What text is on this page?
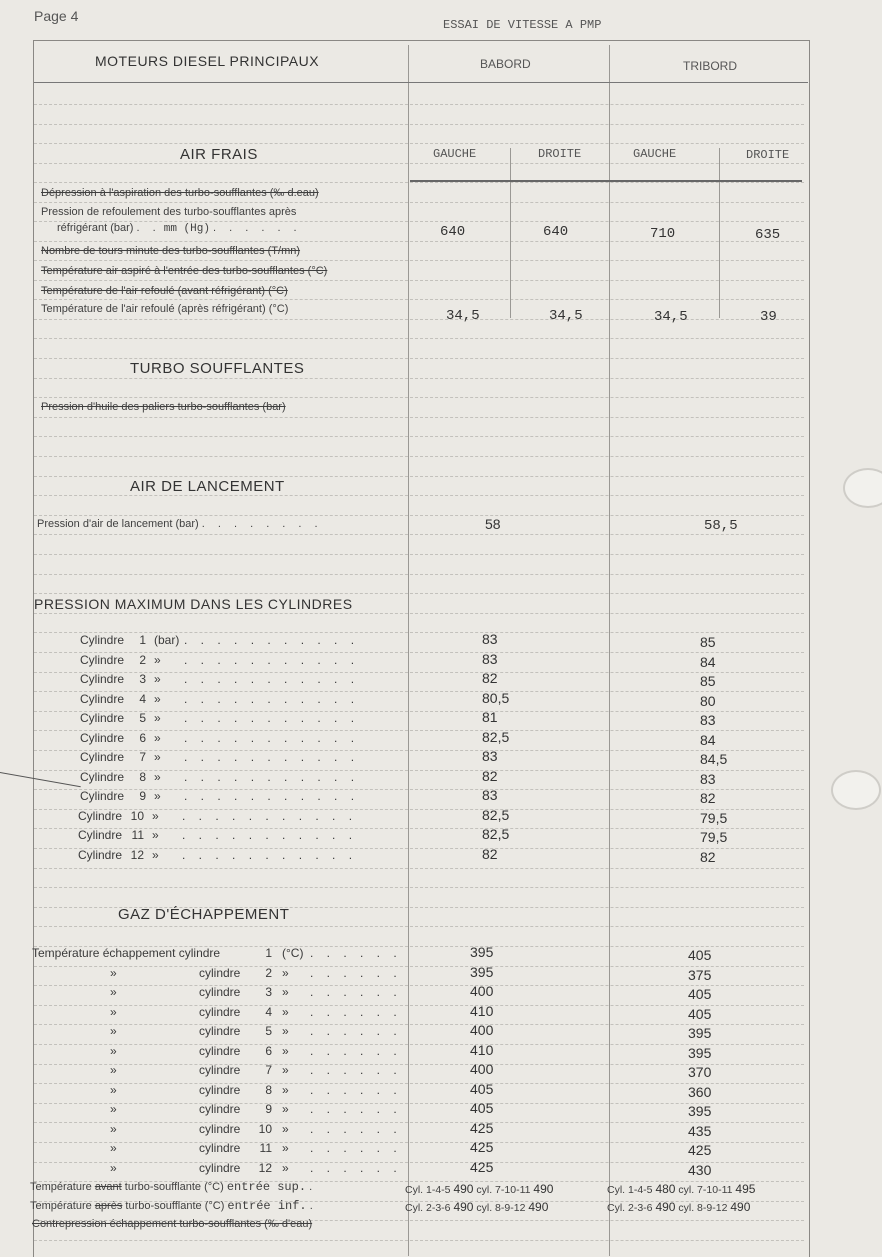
Page 4
ESSAI DE VITESSE A PMP
MOTEURS DIESEL PRINCIPAUX	BABORD	TRIBORD
AIR FRAIS	GAUCHE	DROITE	GAUCHE	DROITE
Dépression à l'aspiration des turbo-soufflantes (‰ d.eau)
Pression de refoulement des turbo-soufflantes après
réfrigérant (bar) . . mm (Hg) . . . . . .	640	640	710	635
Nombre de tours minute des turbo-soufflantes (T/mn)
Température air aspiré à l'entrée des turbo-soufflantes (°C)
Température de l'air refoulé (avant réfrigérant) (°C)
Température de l'air refoulé (après réfrigérant) (°C)	34,5	34,5	34,5	39
TURBO SOUFFLANTES
Pression d'huile des paliers turbo-soufflantes (bar)
AIR DE LANCEMENT
Pression d'air de lancement (bar) . . . . . . . .	58	58,5
PRESSION MAXIMUM DANS LES CYLINDRES
Cylindre 1 (bar) . . . . . . . . . . .	83	85
Cylindre 2 » . . . . . . . . . . .	83	84
Cylindre 3 » . . . . . . . . . . .	82	85
Cylindre 4 » . . . . . . . . . . .	80,5	80
Cylindre 5 » . . . . . . . . . . .	81	83
Cylindre 6 » . . . . . . . . . . .	82,5	84
Cylindre 7 » . . . . . . . . . . .	83	84,5
Cylindre 8 » . . . . . . . . . . .	82	83
Cylindre 9 » . . . . . . . . . . .	83	82
Cylindre 10 » . . . . . . . . . . .	82,5	79,5
Cylindre 11 » . . . . . . . . . . .	82,5	79,5
Cylindre 12 » . . . . . . . . . . .	82	82
GAZ D'ÉCHAPPEMENT
Température échappement cylindre	1 (°C) . . . . . .	395	405
»	cylindre	2 » . . . . . .	395	375
»	cylindre	3 » . . . . . .	400	405
»	cylindre	4 » . . . . . .	410	405
»	cylindre	5 » . . . . . .	400	395
»	cylindre	6 » . . . . . .	410	395
»	cylindre	7 » . . . . . .	400	370
»	cylindre	8 » . . . . . .	405	360
»	cylindre	9 » . . . . . .	405	395
»	cylindre	10 » . . . . . .	425	435
»	cylindre	11 » . . . . . .	425	425
»	cylindre	12 » . . . . . .	425	430
Température avant turbo-soufflante (°C) entrée sup. .	Cyl. 1-4-5 490 cyl. 7-10-11 490	Cyl. 1-4-5 480 cyl. 7-10-11 495
Température après turbo-soufflante (°C) entrée inf. .	Cyl. 2-3-6 490 cyl. 8-9-12 490	Cyl. 2-3-6 490 cyl. 8-9-12 490
Contrepression échappement turbo-soufflantes (‰ d'eau)
